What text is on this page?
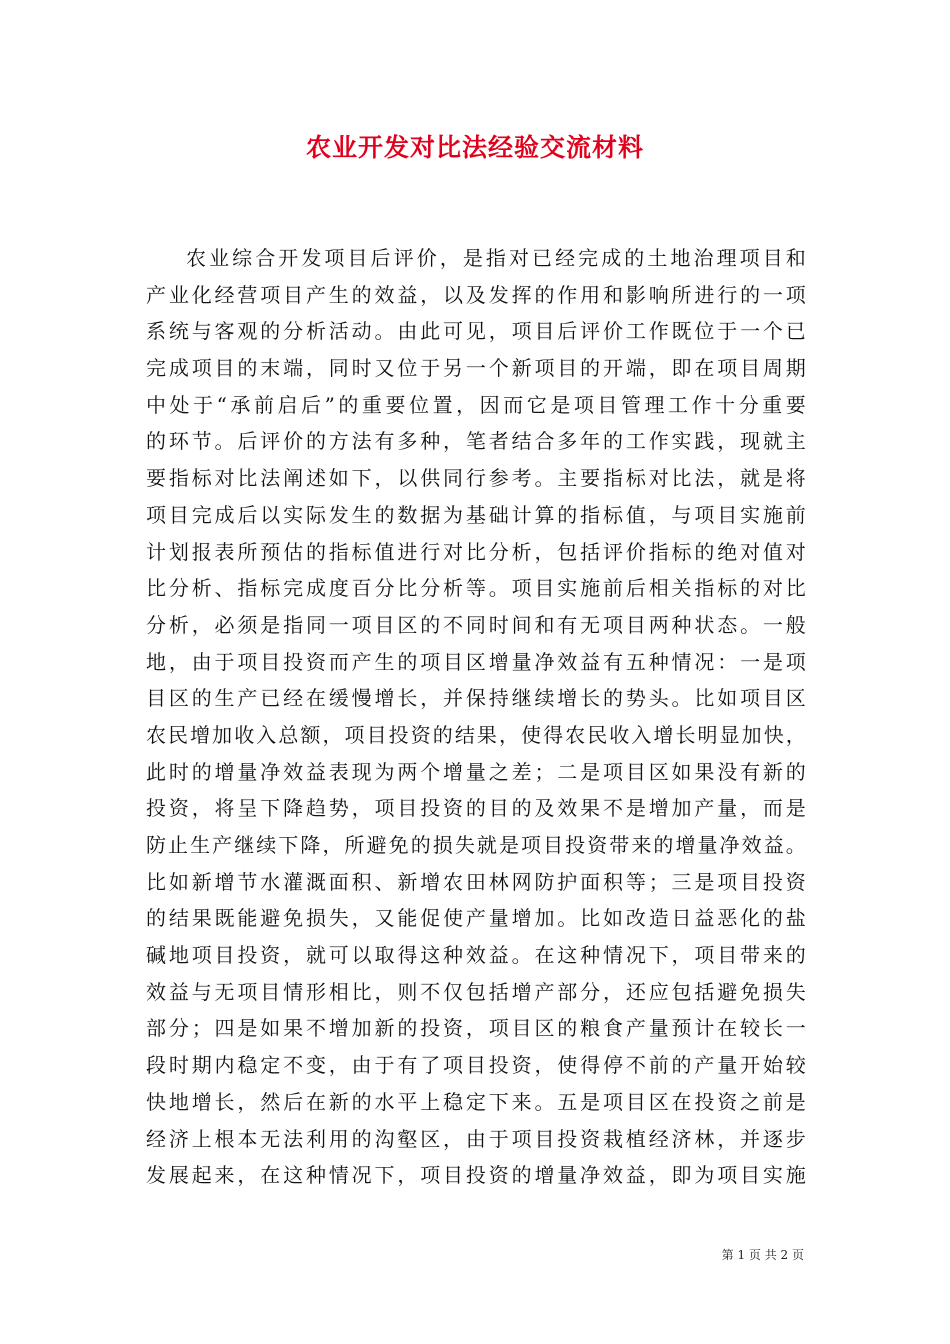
农业开发对比法经验交流材料
农业综合开发项目后评价，是指对已经完成的土地治理项目和
产业化经营项目产生的效益，以及发挥的作用和影响所进行的一项
系统与客观的分析活动。由此可见，项目后评价工作既位于一个已
完成项目的末端，同时又位于另一个新项目的开端，即在项目周期
中处于“承前启后”的重要位置，因而它是项目管理工作十分重要
的环节。后评价的方法有多种，笔者结合多年的工作实践，现就主
要指标对比法阐述如下，以供同行参考。主要指标对比法，就是将
项目完成后以实际发生的数据为基础计算的指标值，与项目实施前
计划报表所预估的指标值进行对比分析，包括评价指标的绝对值对
比分析、指标完成度百分比分析等。项目实施前后相关指标的对比
分析，必须是指同一项目区的不同时间和有无项目两种状态。一般
地，由于项目投资而产生的项目区增量净效益有五种情况：一是项
目区的生产已经在缓慢增长，并保持继续增长的势头。比如项目区
农民增加收入总额，项目投资的结果，使得农民收入增长明显加快，
此时的增量净效益表现为两个增量之差；二是项目区如果没有新的
投资，将呈下降趋势，项目投资的目的及效果不是增加产量，而是
防止生产继续下降，所避免的损失就是项目投资带来的增量净效益。
比如新增节水灌溉面积、新增农田林网防护面积等；三是项目投资
的结果既能避免损失，又能促使产量增加。比如改造日益恶化的盐
碱地项目投资，就可以取得这种效益。在这种情况下，项目带来的
效益与无项目情形相比，则不仅包括增产部分，还应包括避免损失
部分；四是如果不增加新的投资，项目区的粮食产量预计在较长一
段时期内稳定不变，由于有了项目投资，使得停不前的产量开始较
快地增长，然后在新的水平上稳定下来。五是项目区在投资之前是
经济上根本无法利用的沟壑区，由于项目投资栽植经济林，并逐步
发展起来，在这种情况下，项目投资的增量净效益，即为项目实施
第 1 页 共 2 页
